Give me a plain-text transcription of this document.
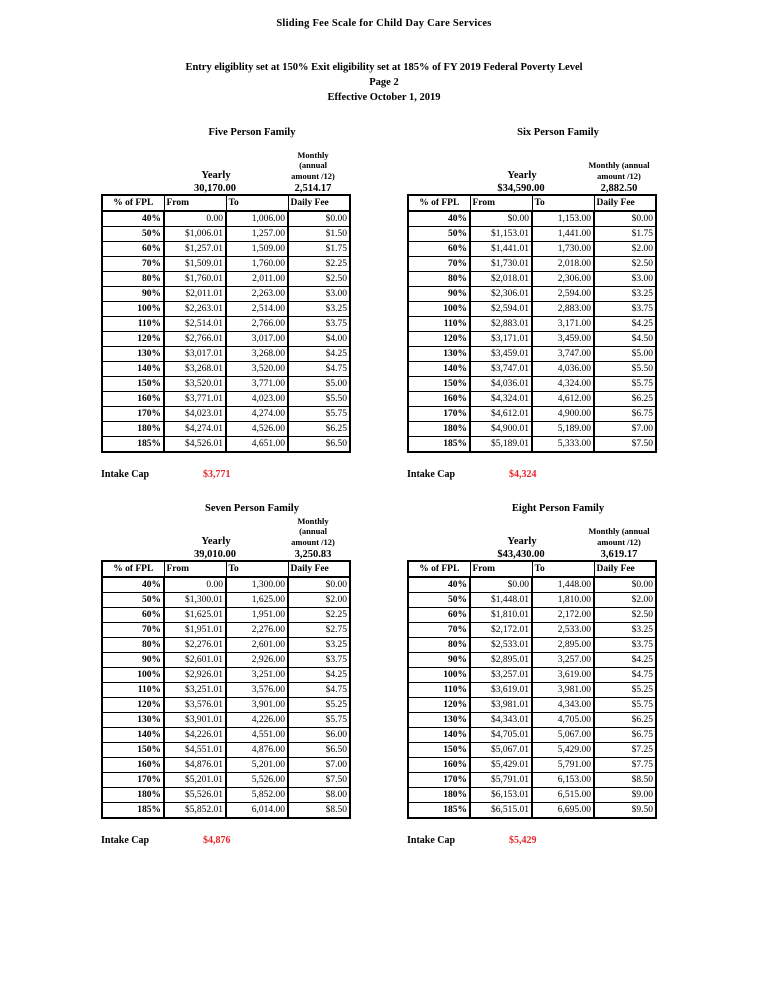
Sliding Fee Scale for Child Day Care Services
Entry eligiblity set at 150% Exit eligibility set at 185% of FY 2019 Federal Poverty Level
Page 2
Effective October 1, 2019
Five Person Family
Yearly
30,170.00
Monthly
(annual
amount /12)
2,514.17
% of FPL	From	To	Daily Fee
40%	0.00	1,006.00	$0.00
50%	$1,006.01	1,257.00	$1.50
60%	$1,257.01	1,509.00	$1.75
70%	$1,509.01	1,760.00	$2.25
80%	$1,760.01	2,011.00	$2.50
90%	$2,011.01	2,263.00	$3.00
100%	$2,263.01	2,514.00	$3.25
110%	$2,514.01	2,766.00	$3.75
120%	$2,766.01	3,017.00	$4.00
130%	$3,017.01	3,268.00	$4.25
140%	$3,268.01	3,520.00	$4.75
150%	$3,520.01	3,771.00	$5.00
160%	$3,771.01	4,023.00	$5.50
170%	$4,023.01	4,274.00	$5.75
180%	$4,274.01	4,526.00	$6.25
185%	$4,526.01	4,651.00	$6.50
Intake Cap	$3,771
Six Person Family
Yearly
$34,590.00
Monthly (annual
amount /12)
2,882.50
% of FPL	From	To	Daily Fee
40%	$0.00	1,153.00	$0.00
50%	$1,153.01	1,441.00	$1.75
60%	$1,441.01	1,730.00	$2.00
70%	$1,730.01	2,018.00	$2.50
80%	$2,018.01	2,306.00	$3.00
90%	$2,306.01	2,594.00	$3.25
100%	$2,594.01	2,883.00	$3.75
110%	$2,883.01	3,171.00	$4.25
120%	$3,171.01	3,459.00	$4.50
130%	$3,459.01	3,747.00	$5.00
140%	$3,747.01	4,036.00	$5.50
150%	$4,036.01	4,324.00	$5.75
160%	$4,324.01	4,612.00	$6.25
170%	$4,612.01	4,900.00	$6.75
180%	$4,900.01	5,189.00	$7.00
185%	$5,189.01	5,333.00	$7.50
Intake Cap	$4,324
Seven Person Family
Yearly
39,010.00
Monthly
(annual
amount /12)
3,250.83
% of FPL	From	To	Daily Fee
40%	0.00	1,300.00	$0.00
50%	$1,300.01	1,625.00	$2.00
60%	$1,625.01	1,951.00	$2.25
70%	$1,951.01	2,276.00	$2.75
80%	$2,276.01	2,601.00	$3.25
90%	$2,601.01	2,926.00	$3.75
100%	$2,926.01	3,251.00	$4.25
110%	$3,251.01	3,576.00	$4.75
120%	$3,576.01	3,901.00	$5.25
130%	$3,901.01	4,226.00	$5.75
140%	$4,226.01	4,551.00	$6.00
150%	$4,551.01	4,876.00	$6.50
160%	$4,876.01	5,201.00	$7.00
170%	$5,201.01	5,526.00	$7.50
180%	$5,526.01	5,852.00	$8.00
185%	$5,852.01	6,014.00	$8.50
Intake Cap	$4,876
Eight Person Family
Yearly
$43,430.00
Monthly (annual
amount /12)
3,619.17
% of FPL	From	To	Daily Fee
40%	$0.00	1,448.00	$0.00
50%	$1,448.01	1,810.00	$2.00
60%	$1,810.01	2,172.00	$2.50
70%	$2,172.01	2,533.00	$3.25
80%	$2,533.01	2,895.00	$3.75
90%	$2,895.01	3,257.00	$4.25
100%	$3,257.01	3,619.00	$4.75
110%	$3,619.01	3,981.00	$5.25
120%	$3,981.01	4,343.00	$5.75
130%	$4,343.01	4,705.00	$6.25
140%	$4,705.01	5,067.00	$6.75
150%	$5,067.01	5,429.00	$7.25
160%	$5,429.01	5,791.00	$7.75
170%	$5,791.01	6,153.00	$8.50
180%	$6,153.01	6,515.00	$9.00
185%	$6,515.01	6,695.00	$9.50
Intake Cap	$5,429
